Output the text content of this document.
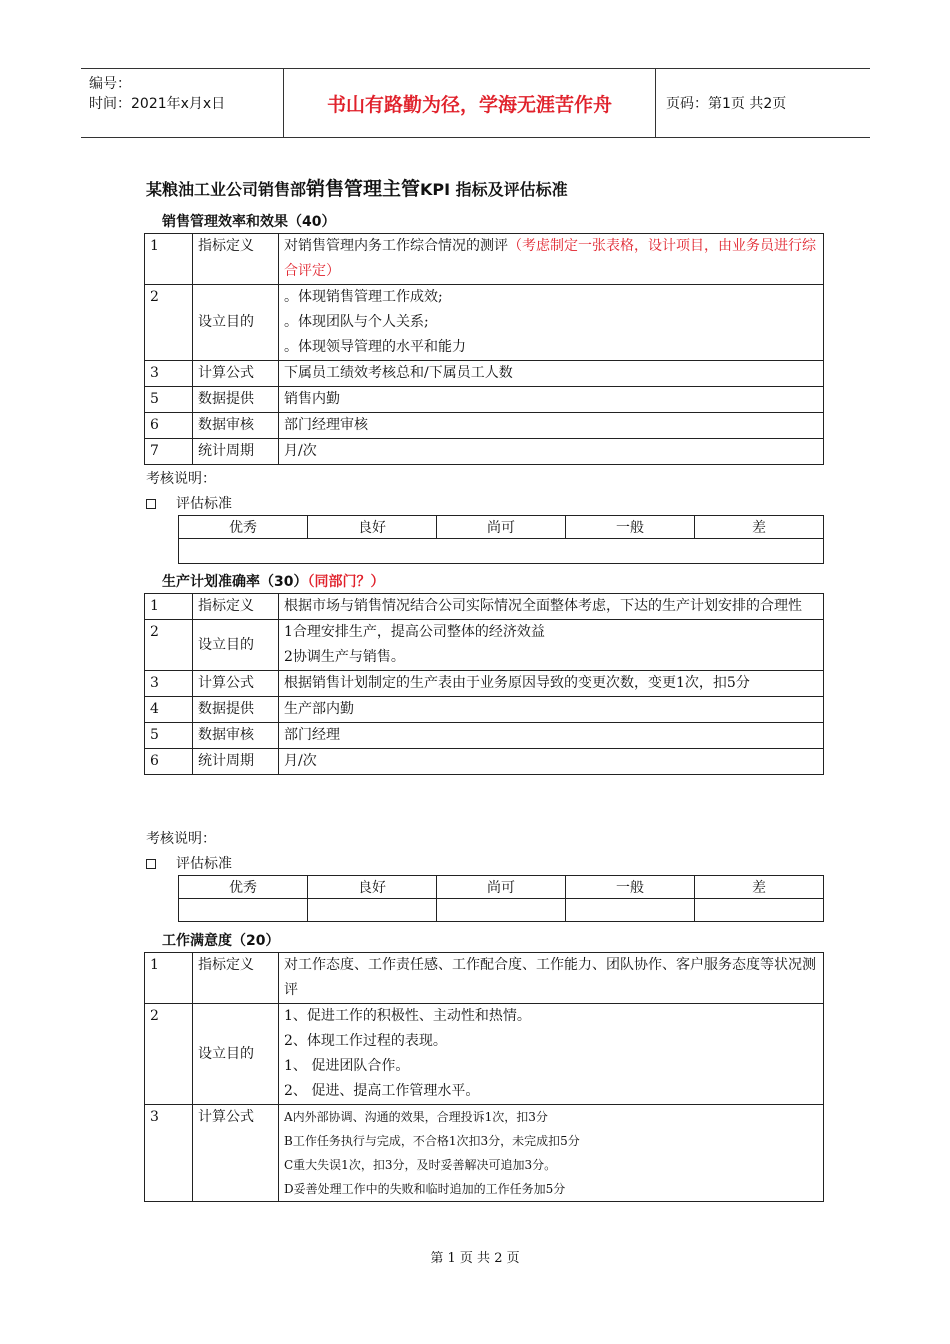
编号：
时间：2021年x月x日	书山有路勤为径，学海无涯苦作舟	页码：第1页 共2页
某粮油工业公司销售部销售管理主管KPI 指标及评估标准
销售管理效率和效果（40）
1	指标定义	对销售管理内务工作综合情况的测评（考虑制定一张表格，设计项目，由业务员进行综合评定）
2	设立目的	。体现销售管理工作成效;
。体现团队与个人关系;
。体现领导管理的水平和能力

3	计算公式	下属员工绩效考核总和/下属员工人数
5	数据提供	销售内勤
6	数据审核	部门经理审核
7	统计周期	月/次
考核说明：
评估标准
优秀	良好	尚可	一般	差

生产计划准确率（30）（同部门？）
1	指标定义	根据市场与销售情况结合公司实际情况全面整体考虑，下达的生产计划安排的合理性
2	设立目的	1合理安排生产，提高公司整体的经济效益
2协调生产与销售。

3	计算公式	根据销售计划制定的生产表由于业务原因导致的变更次数，变更1次，扣5分
4	数据提供	生产部内勤
5	数据审核	部门经理
6	统计周期	月/次
考核说明：
评估标准
优秀	良好	尚可	一般	差

工作满意度（20）
1	指标定义	对工作态度、工作责任感、工作配合度、工作能力、团队协作、客户服务态度等状况测评
2	设立目的	1、促进工作的积极性、主动性和热情。
2、体现工作过程的表现。
1、 促进团队合作。
2、 促进、提高工作管理水平。

3	计算公式	A内外部协调、沟通的效果，合理投诉1次，扣3分
B工作任务执行与完成，不合格1次扣3分，未完成扣5分
C重大失误1次，扣3分，及时妥善解决可追加3分。
D妥善处理工作中的失败和临时追加的工作任务加5分
第 1 页 共 2 页
